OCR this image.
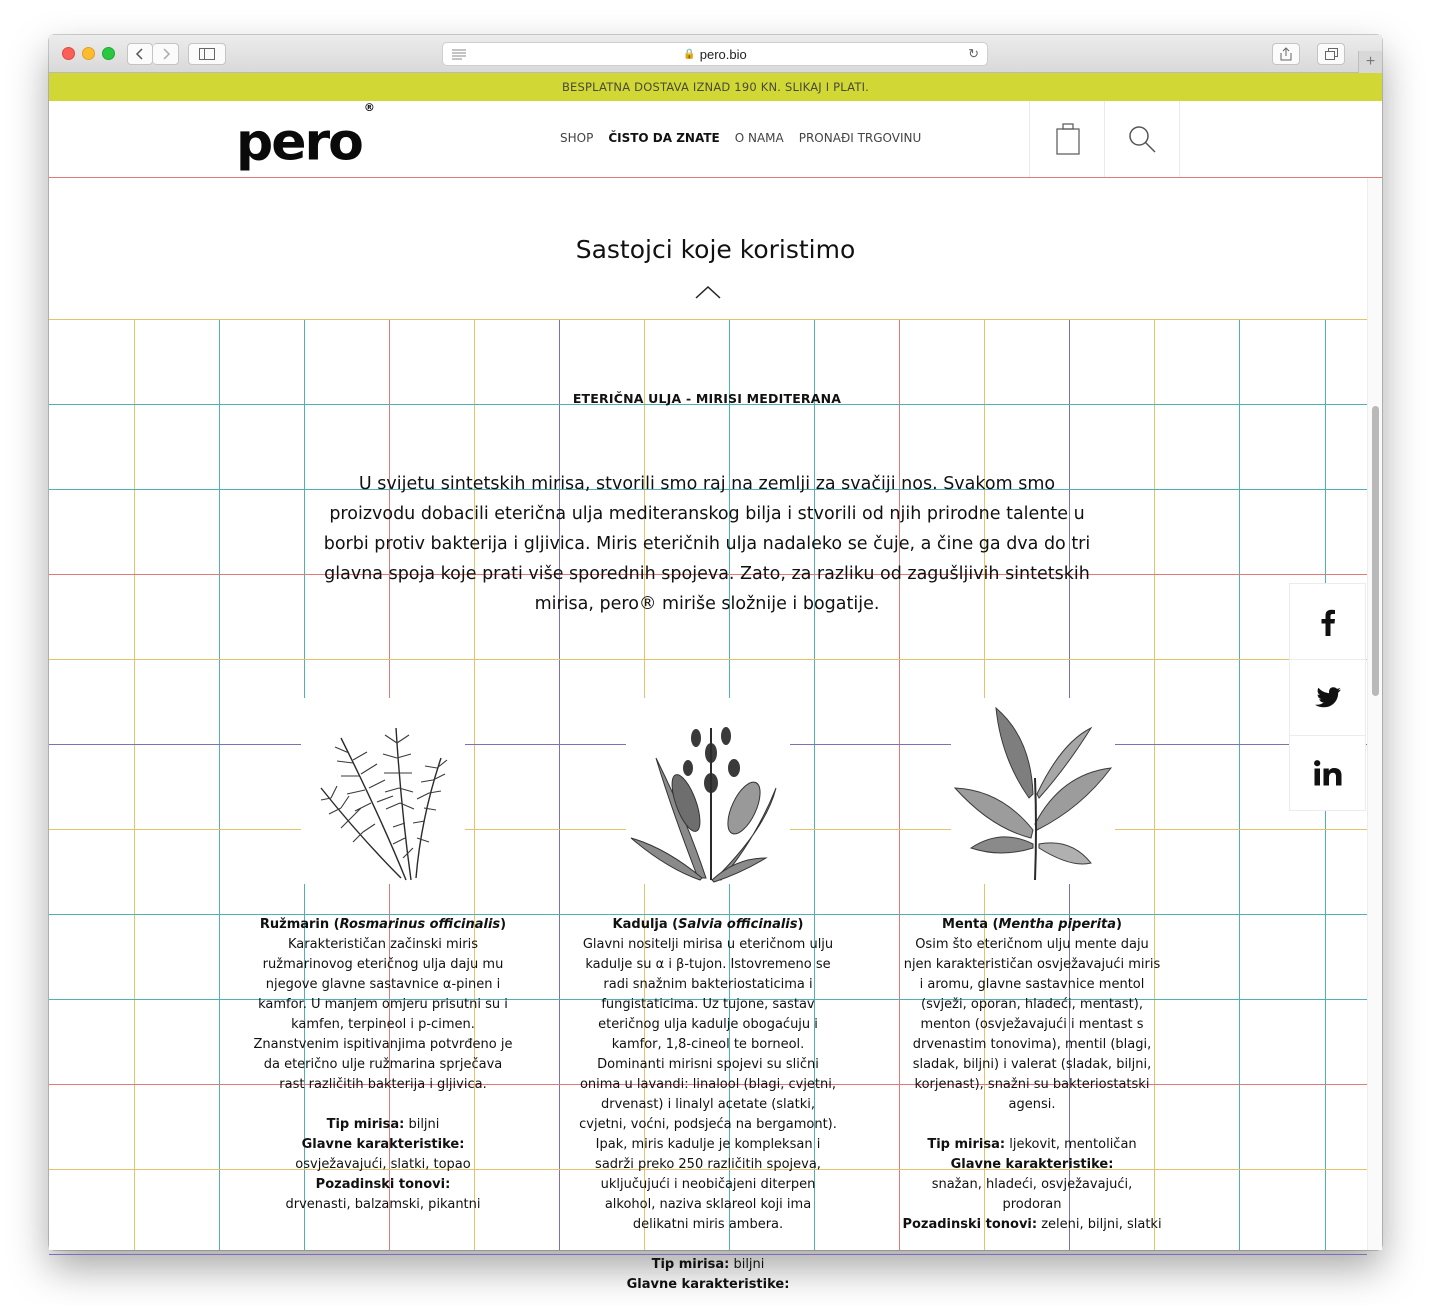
🔒 pero.bio	↻	+
BESPLATNA DOSTAVA IZNAD 190 KN. SLIKAJ I PLATI.
pero®
SHOP ČISTO DA ZNATE O NAMA PRONAĐI TRGOVINU
Sastojci koje koristimo
ETERIČNA ULJA - MIRISI MEDITERANA

U svijetu sintetskih mirisa, stvorili smo raj na zemlji za svačiji nos. Svakom smo proizvodu dobacili eterična ulja mediteranskog bilja i stvorili od njih prirodne talente u borbi protiv bakterija i gljivica. Miris eteričnih ulja nadaleko se čuje, a čine ga dva do tri glavna spoja koje prati više sporednih spojeva. Zato, za razliku od zagušljivih sintetskih mirisa, pero® miriše složnije i bogatije.

Ružmarin (Rosmarinus officinalis)
Karakterističan začinski miris ružmarinovog eteričnog ulja daju mu njegove glavne sastavnice α-pinen i kamfor. U manjem omjeru prisutni su i kamfen, terpineol i p-cimen. Znanstvenim ispitivanjima potvrđeno je da eterično ulje ružmarina sprječava rast različitih bakterija i gljivica.
Tip mirisa: biljni
Glavne karakteristike:
osvježavajući, slatki, topao
Pozadinski tonovi:
drvenasti, balzamski, pikantni
Kadulja (Salvia officinalis)
Glavni nositelji mirisa u eteričnom ulju kadulje su α i β-tujon. Istovremeno se radi snažnim bakteriostaticima i fungistaticima. Uz tujone, sastav eteričnog ulja kadulje obogaćuju i kamfor, 1,8-cineol te borneol. Dominanti mirisni spojevi su slični onima u lavandi: linalool (blagi, cvjetni, drvenast) i linalyl acetate (slatki, cvjetni, voćni, podsjeća na bergamont). Ipak, miris kadulje je kompleksan i sadrži preko 250 različitih spojeva, uključujući i neobičajeni diterpen alkohol, naziva sklareol koji ima delikatni miris ambera.
Tip mirisa: biljni
Glavne karakteristike:
Menta (Mentha piperita)
Osim što eteričnom ulju mente daju njen karakterističan osvježavajući miris i aromu, glavne sastavnice mentol (svježi, oporan, hladeći, mentast), menton (osvježavajući i mentast s drvenastim tonovima), mentil (blagi, sladak, biljni) i valerat (sladak, biljni, korjenast), snažni su bakteriostatski agensi.
Tip mirisa: ljekovit, mentoličan
Glavne karakteristike:
snažan, hladeći, osvježavajući, prodoran
Pozadinski tonovi: zeleni, biljni, slatki
